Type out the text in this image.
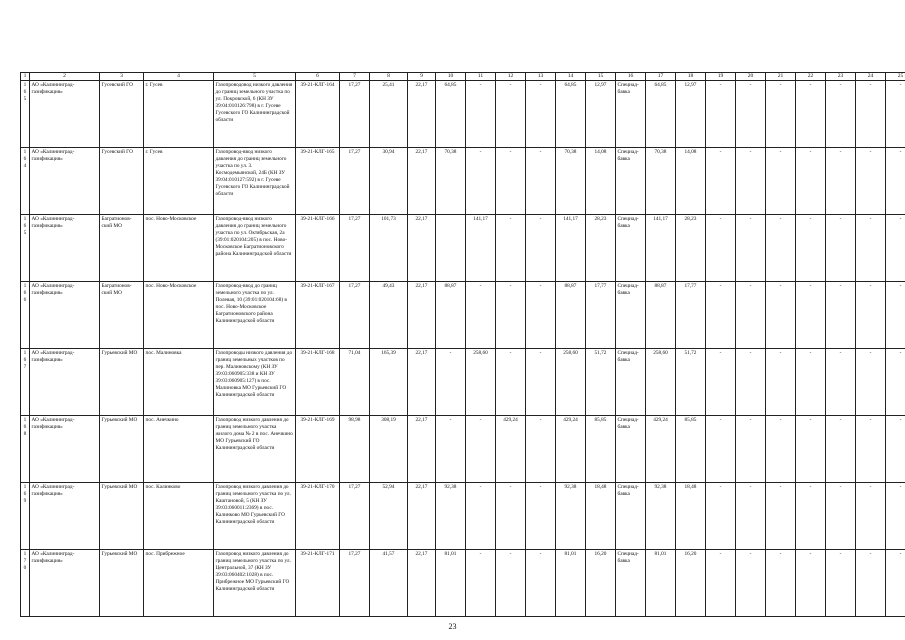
1	2	3	4	5	6	7	8	9	10	11	12	13	14	15	16	17	18	19	20	21	22	23	24	25
165	АО «Калининград-газификация»	Гусевский ГО	г. Гусев	Газопроводовод низкого давления до границ земельного участка по ул. Покровской, 6 (КН ЗУ 39:04:010126:798) в г. Гусеве Гусевского ГО Калининградской области	39-21-КЛГ-164	17,27	25,41	22,17	64,85	-	-	-	64,85	12,97	Специад-бавка	64,85	12,97	-	-	-	-	-	-	-
164	АО «Калининград-газификация»	Гусевский ГО	г. Гусев	Газопровод-ввод низкого давления до границ земельного участка по ул. 3. Космодемьянской, 24Б (КН ЗУ 39:04:010127:592) в г. Гусеве Гусевского ГО Калининградской области	39-21-КЛГ-165	17,27	30,94	22,17	70,38	-	-	-	70,38	14,08	Специад-бавка	70,38	14,08	-	-	-	-	-	-	-
165	АО «Калининград-газификация»	Багратионов-ский МО	пос. Ново-Московское	Газопровод-ввод низкого давления до границ земельного участка по ул. Октябрьская, 2а (39:01:020104:205) в пос. Ново-Московское Багратионовского района Калининградской области	39-21-КЛГ-166	17,27	101,73	22,17		141,17	-	-	141,17	28,23	Специад-бавка	141,17	28,23	-	-	-	-	-	-	-
166	АО «Калининград-газификация»	Багратионов-ский МО	пос. Ново-Московское	Газопровод-ввод до границ земельного участка по ул. Полевая, 10 (39:01:020104:68) в пос. Ново-Московское Багратионовского района Калининградской области	39-21-КЛГ-167	17,27	49,43	22,17	88,87	-	-	-	88,87	17,77	Специад-бавка	88,87	17,77	-	-	-	-	-	-	-
167	АО «Калининград-газификация»	Гурьевский МО	пос. Малиновка	Газопроводы низкого давления до границ земельных участков по пер. Малиновскому (КН ЗУ 39:03:060905:338 и КН ЗУ 39:03:060905:127) в пос. Малиновка МО Гурьевский ГО Калининградской области	39-21-КЛГ-168	71,04	165,39	22,17	-	258,60	-	-	258,60	51,72	Специад-бавка	258,60	51,72	-	-	-	-	-	-	-
168	АО «Калининград-газификация»	Гурьевский МО	пос. Анечкино	Газопровод низкого давления до границ земельного участка жилого дома № 2 в пос. Анечкино МО Гурьевский ГО Калининградской области	39-21-КЛГ-169	98,98	308,19	22,17	-	-	429,24	-	429,24	85,85	Специад-бавка	429,24	85,85	-	-	-	-	-	-	-
169	АО «Калининград-газификация»	Гурьевский МО	пос. Калинково	Газопровод низкого давления до границ земельного участка по ул. Каштановой, 5 (КН ЗУ 39:03:060011:2369) в пос. Калинково МО Гурьевский ГО Калининградской области	39-21-КЛГ-170	17,27	52,94	22,17	92,38	-	-	-	92,38	18,48	Специад-бавка	92,38	18,48	-	-	-	-	-	-	-
170	АО «Калининград-газификация»	Гурьевский МО	пос. Прибрежное	Газопровод низкого давления до границ земельного участка по ул. Центральной, 37 (КН ЗУ 39:03:060402:1028) в пос. Прибрежное МО Гурьевский ГО Калининградской области	39-21-КЛГ-171	17,27	41,57	22,17	81,01	-	-	-	81,01	16,20	Специад-бавка	81,01	16,20	-	-	-	-	-	-	-
23
